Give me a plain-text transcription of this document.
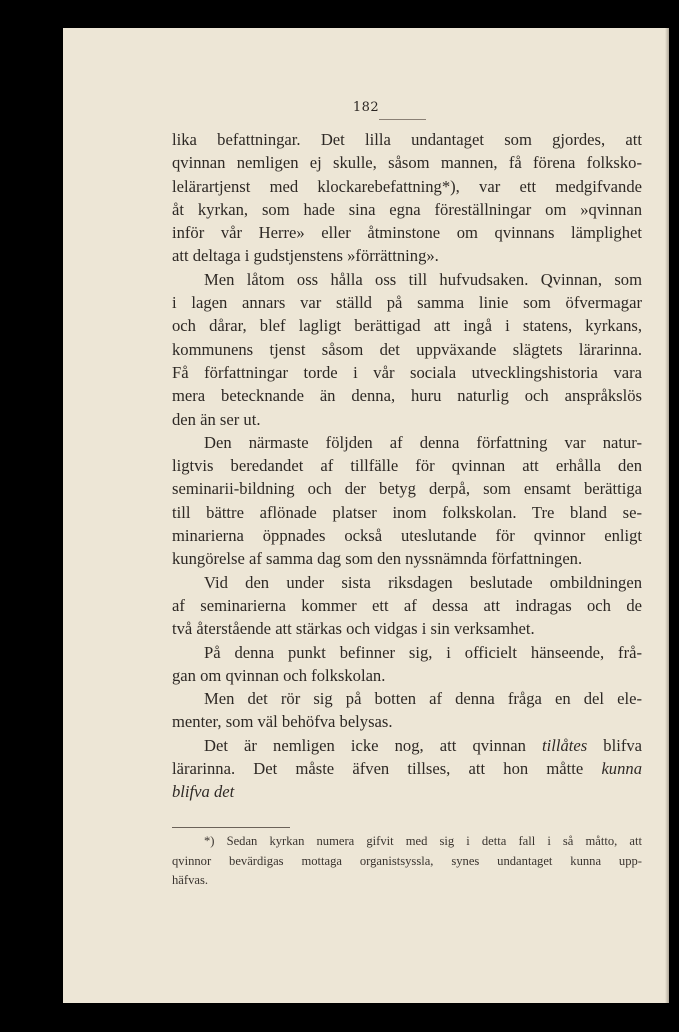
182

lika befattningar. Det lilla undantaget som gjordes, att

qvinnan nemligen ej skulle, såsom mannen, få förena folksko-

lelärartjenst med klockarebefattning*), var ett medgifvande

åt kyrkan, som hade sina egna föreställningar om »qvinnan

inför vår Herre» eller åtminstone om qvinnans lämplighet

att deltaga i gudstjenstens »förrättning».

Men låtom oss hålla oss till hufvudsaken. Qvinnan, som

i lagen annars var ställd på samma linie som öfvermagar

och dårar, blef lagligt berättigad att ingå i statens, kyrkans,

kommunens tjenst såsom det uppväxande slägtets lärarinna.

Få författningar torde i vår sociala utvecklingshistoria vara

mera betecknande än denna, huru naturlig och anspråkslös

den än ser ut.

Den närmaste följden af denna författning var natur-

ligtvis beredandet af tillfälle för qvinnan att erhålla den

seminarii-bildning och der betyg derpå, som ensamt berättiga

till bättre aflönade platser inom folkskolan. Tre bland se-

minarierna öppnades också uteslutande för qvinnor enligt

kungörelse af samma dag som den nyssnämnda författningen.

Vid den under sista riksdagen beslutade ombildningen

af seminarierna kommer ett af dessa att indragas och de

två återstående att stärkas och vidgas i sin verksamhet.

På denna punkt befinner sig, i officielt hänseende, frå-

gan om qvinnan och folkskolan.

Men det rör sig på botten af denna fråga en del ele-

menter, som väl behöfva belysas.

Det är nemligen icke nog, att qvinnan tillåtes blifva

lärarinna. Det måste äfven tillses, att hon måtte kunna

blifva det

*) Sedan kyrkan numera gifvit med sig i detta fall i så måtto, att

qvinnor bevärdigas mottaga organistsyssla, synes undantaget kunna upp-

häfvas.
